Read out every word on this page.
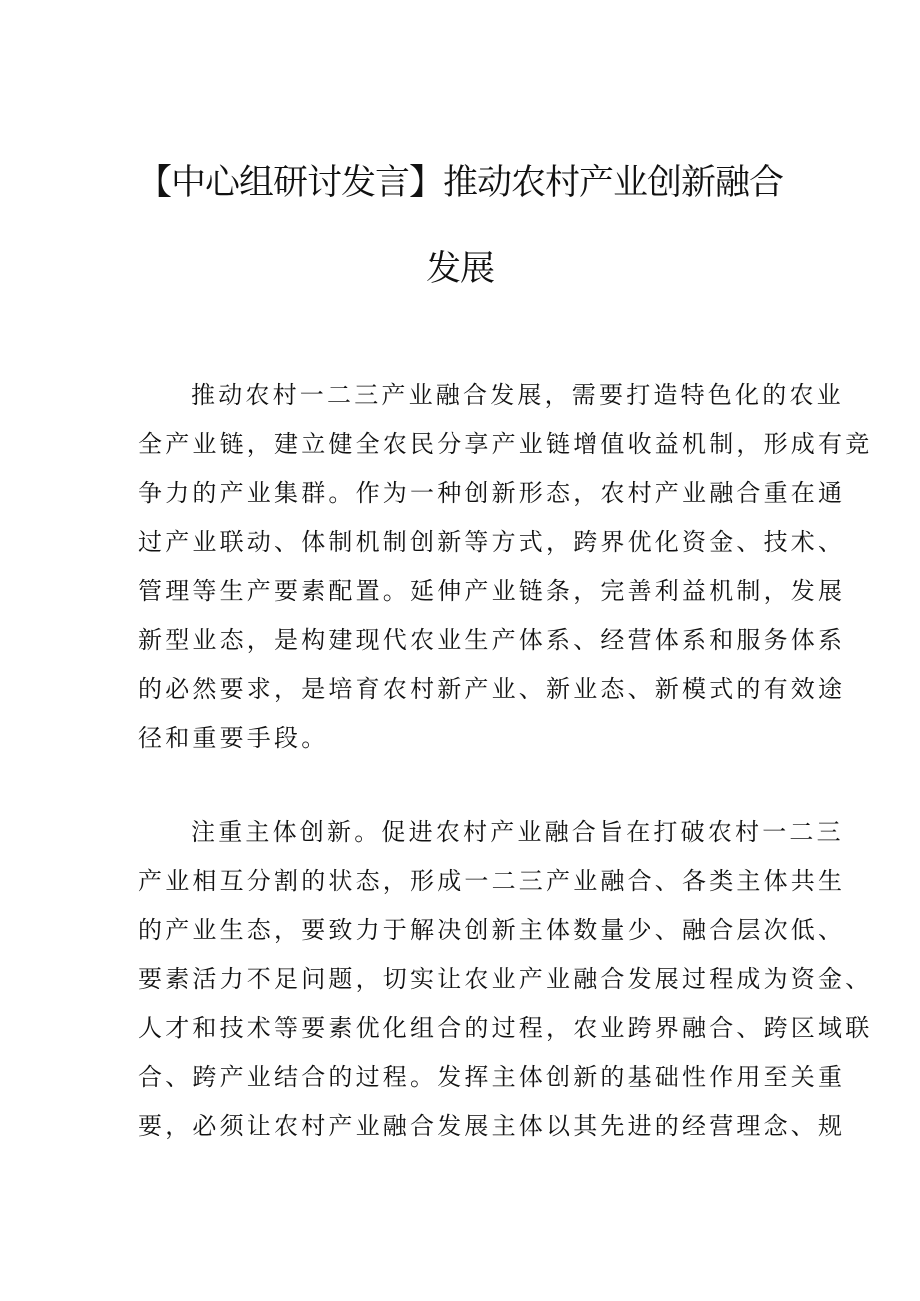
【中心组研讨发言】推动农村产业创新融合
发展
推动农村一二三产业融合发展，需要打造特色化的农业
全产业链，建立健全农民分享产业链增值收益机制，形成有竞
争力的产业集群。作为一种创新形态，农村产业融合重在通
过产业联动、体制机制创新等方式，跨界优化资金、技术、
管理等生产要素配置。延伸产业链条，完善利益机制，发展
新型业态，是构建现代农业生产体系、经营体系和服务体系
的必然要求，是培育农村新产业、新业态、新模式的有效途
径和重要手段。
注重主体创新。促进农村产业融合旨在打破农村一二三
产业相互分割的状态，形成一二三产业融合、各类主体共生
的产业生态，要致力于解决创新主体数量少、融合层次低、
要素活力不足问题，切实让农业产业融合发展过程成为资金、
人才和技术等要素优化组合的过程，农业跨界融合、跨区域联
合、跨产业结合的过程。发挥主体创新的基础性作用至关重
要，必须让农村产业融合发展主体以其先进的经营理念、规
